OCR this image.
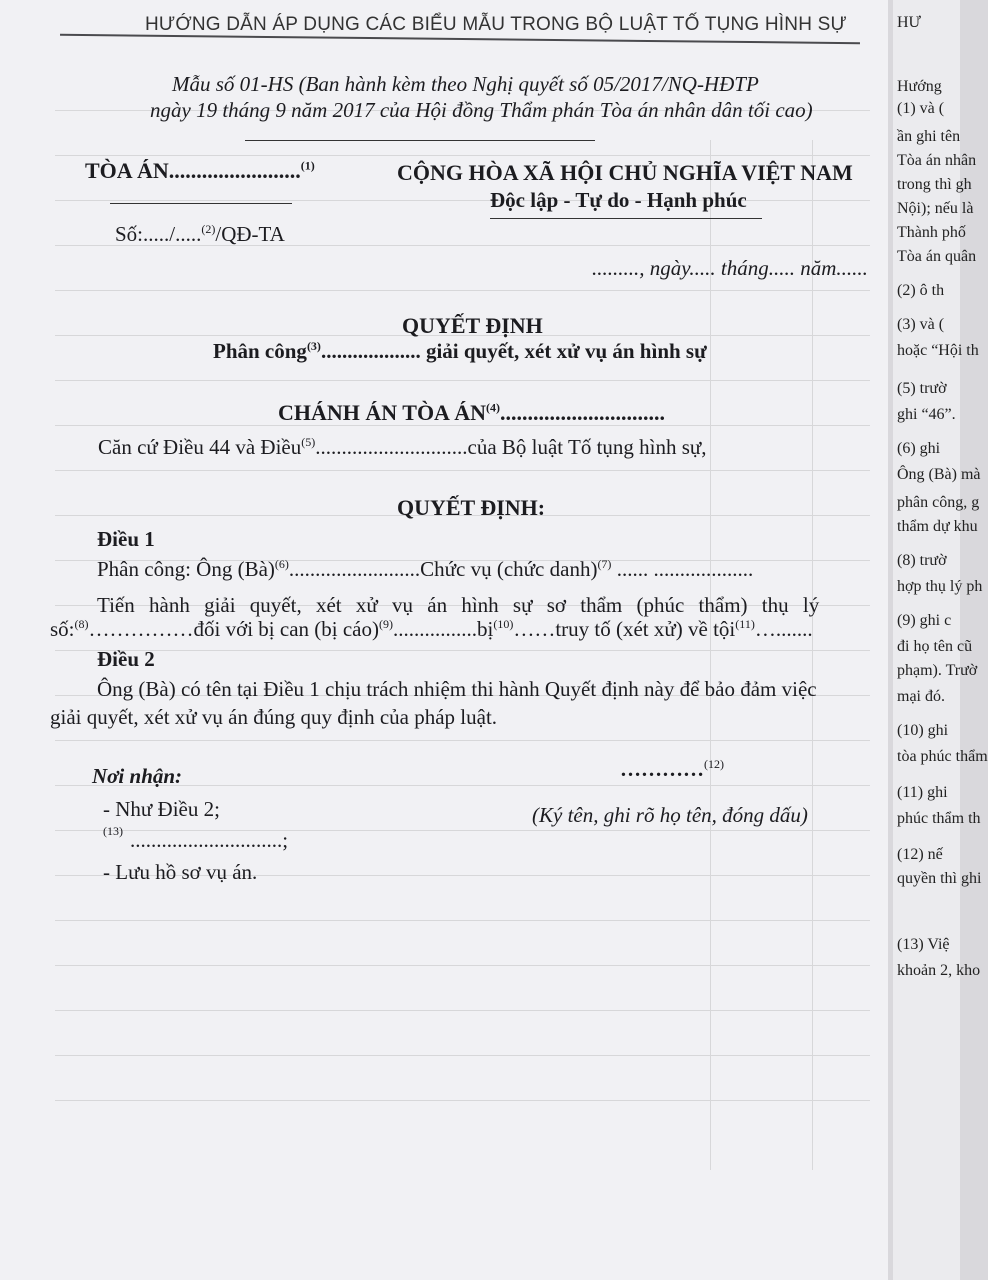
HƯỚNG DẪN ÁP DỤNG CÁC BIỂU MẪU TRONG BỘ LUẬT TỐ TỤNG HÌNH SỰ
Mẫu số 01-HS (Ban hành kèm theo Nghị quyết số 05/2017/NQ-HĐTP
ngày 19 tháng 9 năm 2017 của Hội đồng Thẩm phán Tòa án nhân dân tối cao)
TÒA ÁN........................$^{(1)}$
Số:...../.....$^{(2)}$/QĐ-TA
CỘNG HÒA XÃ HỘI CHỦ NGHĨA VIỆT NAM
Độc lập - Tự do - Hạnh phúc
........., ngày..... tháng..... năm......
QUYẾT ĐỊNH
Phân công$^{(3)}$................... giải quyết, xét xử vụ án hình sự
CHÁNH ÁN TÒA ÁN$^{(4)}$..............................
Căn cứ Điều 44 và Điều$^{(5)}$.............................của Bộ luật Tố tụng hình sự,
QUYẾT ĐỊNH:
Điều 1
Phân công: Ông (Bà)$^{(6)}$.........................Chức vụ (chức danh)$^{(7)}$ ...... ...................
Tiến hành giải quyết, xét xử vụ án hình sự sơ thẩm (phúc thẩm) thụ lý
số:$^{(8)}$……………đối với bị can (bị cáo)$^{(9)}$................bị$^{(10)}$……truy tố (xét xử) về tội$^{(11)}$….......
Điều 2
Ông (Bà) có tên tại Điều 1 chịu trách nhiệm thi hành Quyết định này để bảo đảm việc
giải quyết, xét xử vụ án đúng quy định của pháp luật.
Nơi nhận:
- Như Điều 2;
(13) .............................;
- Lưu hồ sơ vụ án.
…………$^{(12)}$
(Ký tên, ghi rõ họ tên, đóng dấu)
HƯ
Hướng
(1) và (
ần ghi tên
Tòa án nhân
trong thì gh
Nội); nếu là
Thành phố
Tòa án quân
(2) ô th
(3) và (
hoặc “Hội th
(5) trườ
ghi “46”.
(6) ghi
Ông (Bà) mà
phân công, g
thẩm dự khu
(8) trườ
hợp thụ lý ph
(9) ghi c
đi họ tên cũ
phạm). Trườ
mại đó.
(10) ghi
tòa phúc thẩm
(11) ghi
phúc thẩm th
(12) nế
quyền thì ghi
(13) Việ
khoản 2, kho
